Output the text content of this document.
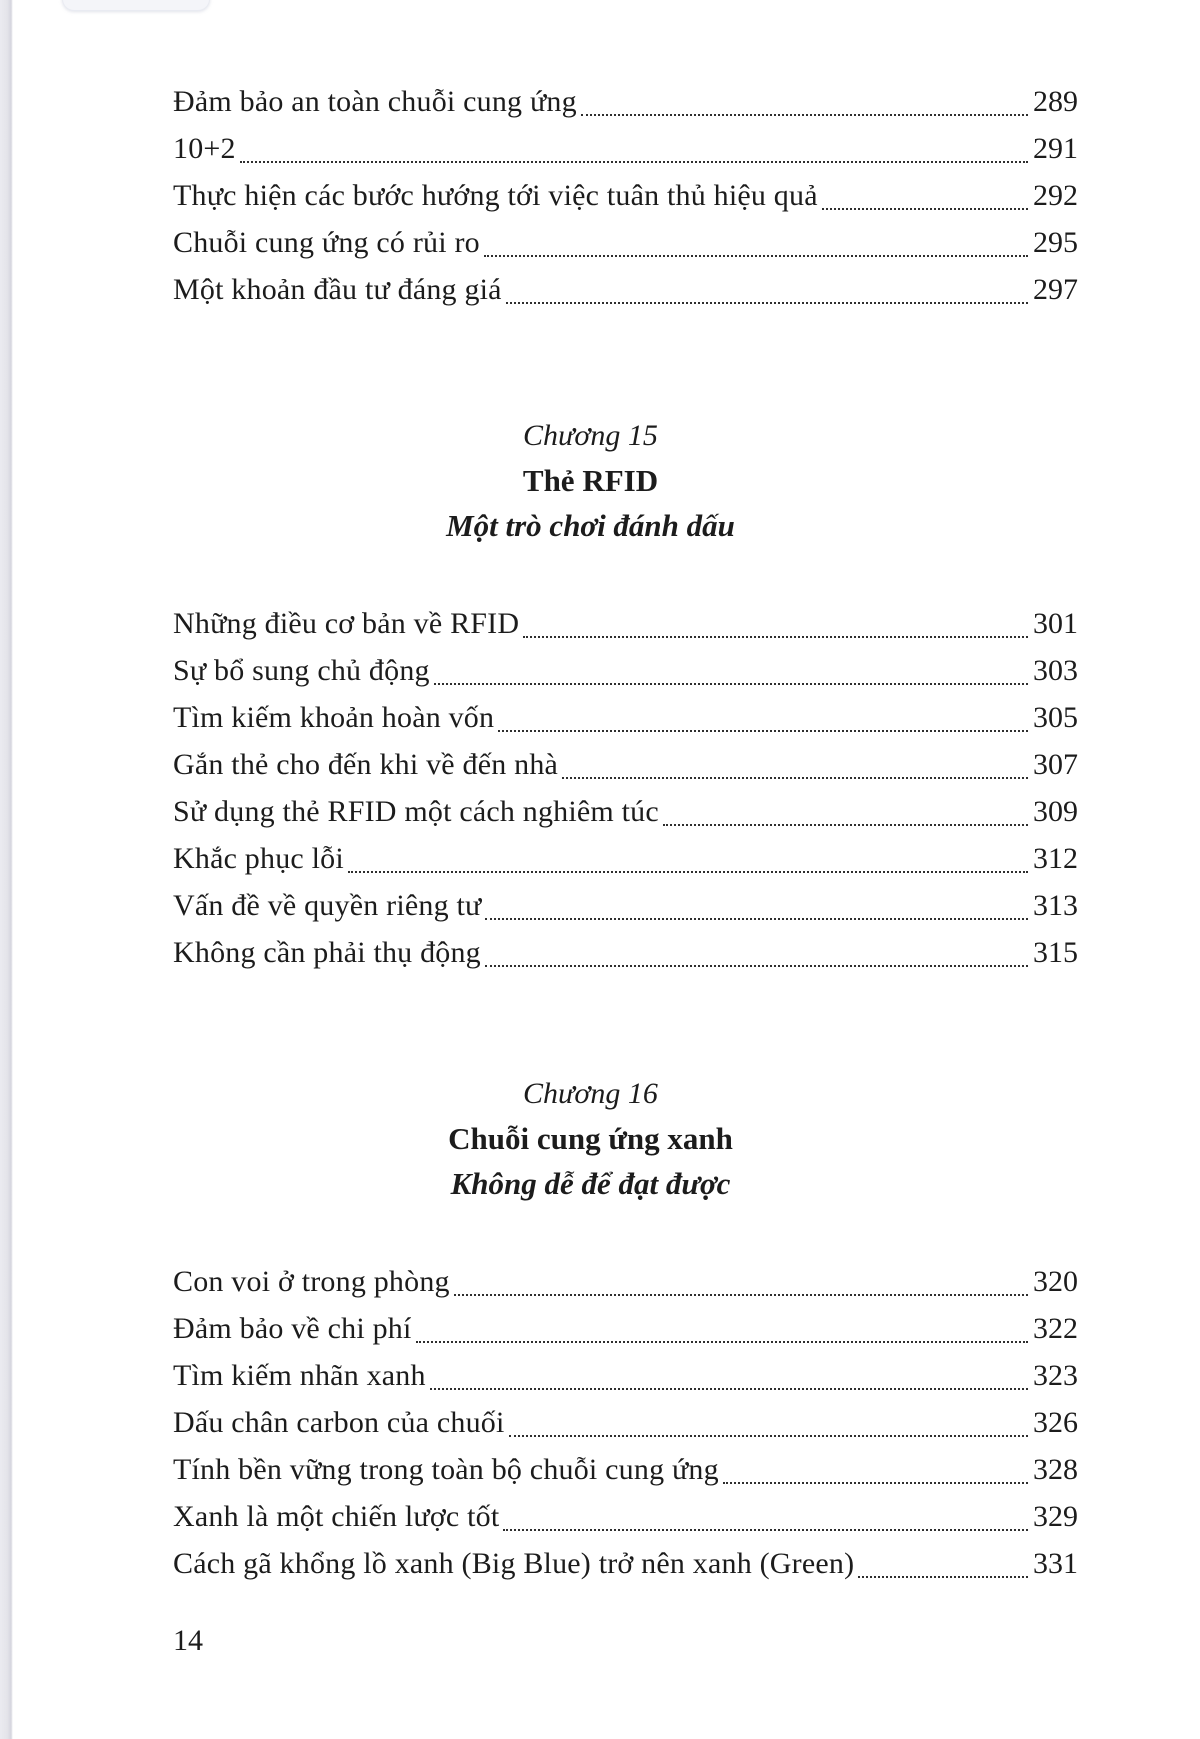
Đảm bảo an toàn chuỗi cung ứng	289
10+2	291
Thực hiện các bước hướng tới việc tuân thủ hiệu quả	292
Chuỗi cung ứng có rủi ro	295
Một khoản đầu tư đáng giá	297
Chương 15
Thẻ RFID
Một trò chơi đánh dấu
Những điều cơ bản về RFID	301
Sự bổ sung chủ động	303
Tìm kiếm khoản hoàn vốn	305
Gắn thẻ cho đến khi về đến nhà	307
Sử dụng thẻ RFID một cách nghiêm túc	309
Khắc phục lỗi	312
Vấn đề về quyền riêng tư	313
Không cần phải thụ động	315
Chương 16
Chuỗi cung ứng xanh
Không dễ để đạt được
Con voi ở trong phòng	320
Đảm bảo về chi phí	322
Tìm kiếm nhãn xanh	323
Dấu chân carbon của chuối	326
Tính bền vững trong toàn bộ chuỗi cung ứng	328
Xanh là một chiến lược tốt	329
Cách gã khổng lồ xanh (Big Blue) trở nên xanh (Green)	331
14
